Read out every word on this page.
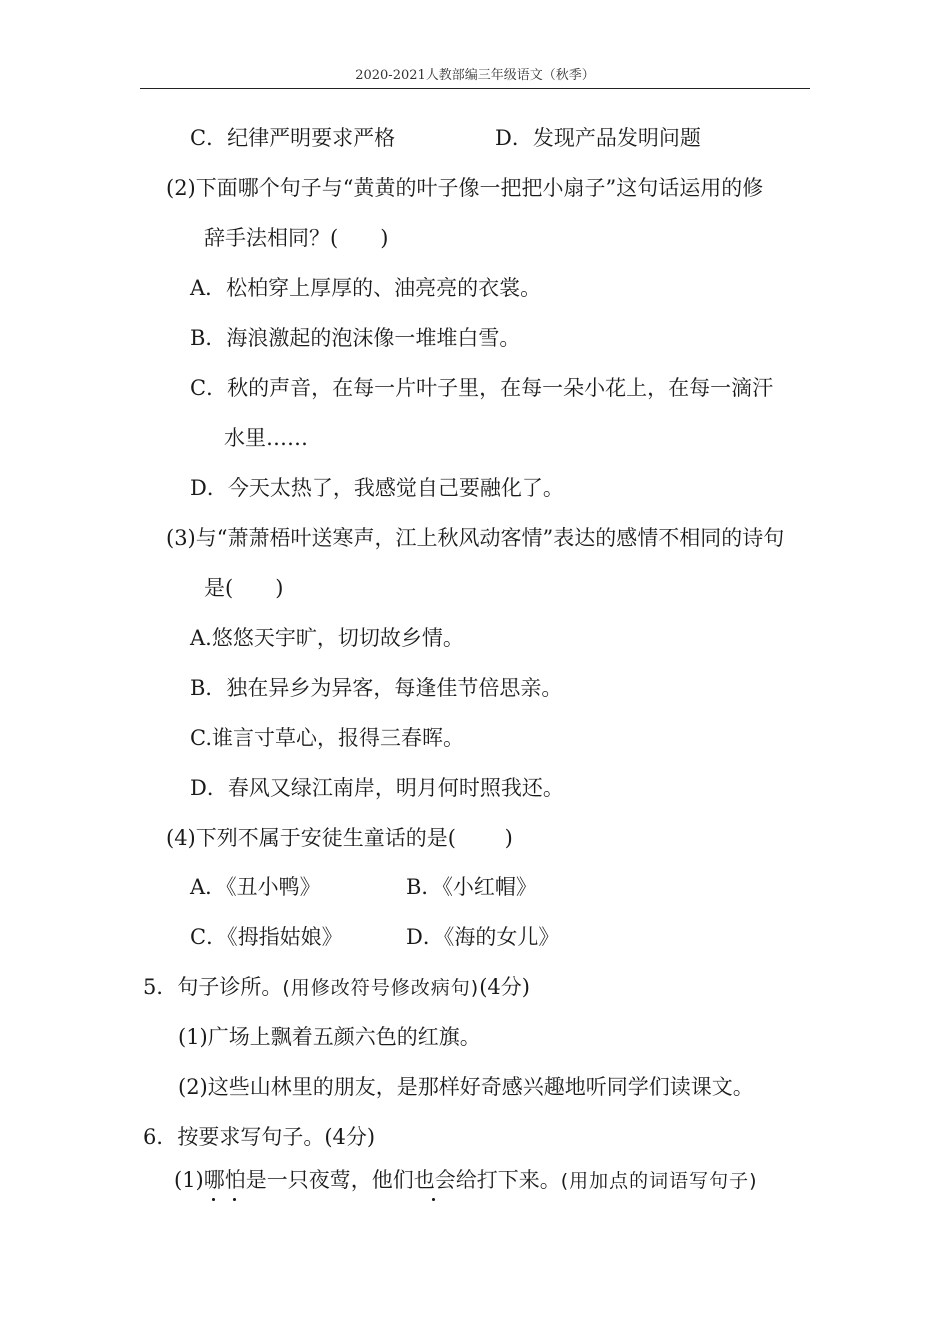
2020-2021人教部编三年级语文（秋季）
C．纪律严明要求严格	D．发现产品发明问题
(2)下面哪个句子与“黄黄的叶子像一把把小扇子”这句话运用的修
辞手法相同？(　　)
A．松柏穿上厚厚的、油亮亮的衣裳。
B．海浪激起的泡沫像一堆堆白雪。
C．秋的声音，在每一片叶子里，在每一朵小花上，在每一滴汗
水里……
D．今天太热了，我感觉自己要融化了。
(3)与“萧萧梧叶送寒声，江上秋风动客情”表达的感情不相同的诗句
是(　　)
A.悠悠天宇旷，切切故乡情。
B．独在异乡为异客，每逢佳节倍思亲。
C.谁言寸草心，报得三春晖。
D．春风又绿江南岸，明月何时照我还。
(4)下列不属于安徒生童话的是(　　 )
A．《丑小鸭》	B．《小红帽》
C．《拇指姑娘》	D．《海的女儿》
5．句子诊所。(用修改符号修改病句)(4分)
(1)广场上飘着五颜六色的红旗。
(2)这些山林里的朋友，是那样好奇感兴趣地听同学们读课文。
6．按要求写句子。(4分)
(1)哪怕是一只夜莺，他们也会给打下来。(用加点的词语写句子)
